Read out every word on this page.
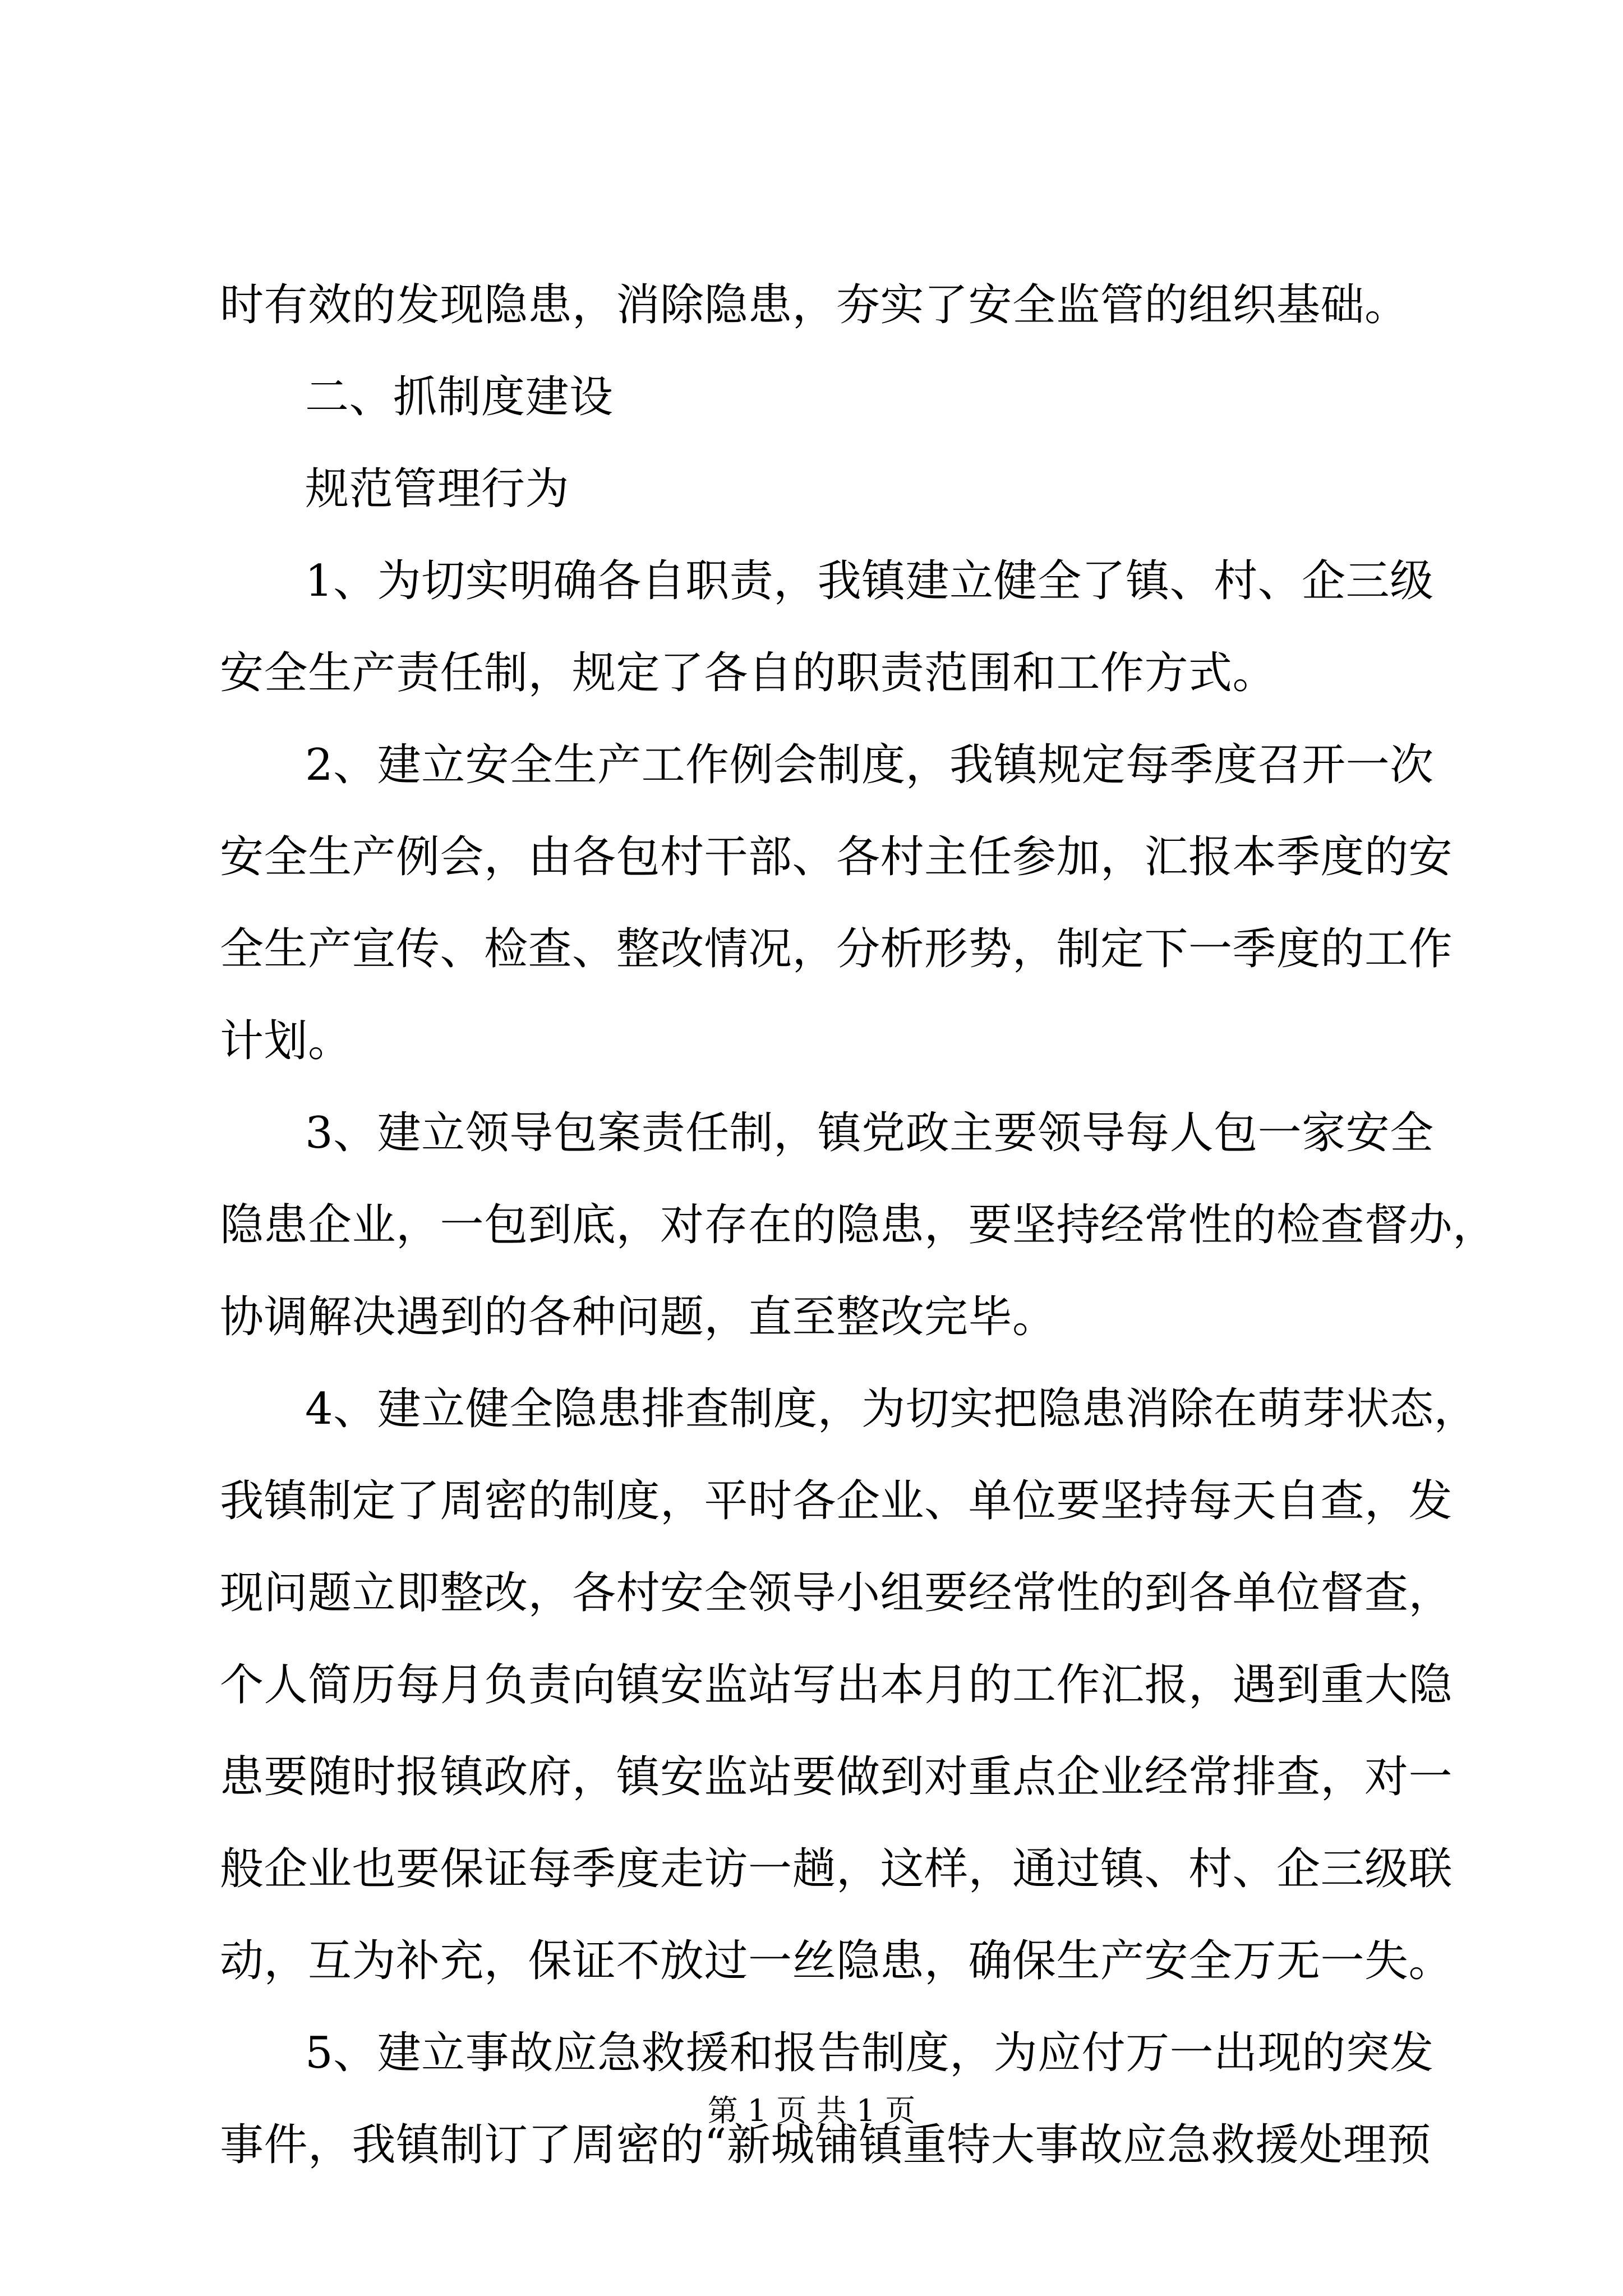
时有效的发现隐患，消除隐患，夯实了安全监管的组织基础。
二、抓制度建设
规范管理行为
1、为切实明确各自职责，我镇建立健全了镇、村、企三级
安全生产责任制，规定了各自的职责范围和工作方式。
2、建立安全生产工作例会制度，我镇规定每季度召开一次
安全生产例会，由各包村干部、各村主任参加，汇报本季度的安
全生产宣传、检查、整改情况，分析形势，制定下一季度的工作
计划。
3、建立领导包案责任制，镇党政主要领导每人包一家安全
隐患企业，一包到底，对存在的隐患，要坚持经常性的检查督办，
协调解决遇到的各种问题，直至整改完毕。
4、建立健全隐患排查制度，为切实把隐患消除在萌芽状态，
我镇制定了周密的制度，平时各企业、单位要坚持每天自查，发
现问题立即整改，各村安全领导小组要经常性的到各单位督查，
个人简历每月负责向镇安监站写出本月的工作汇报，遇到重大隐
患要随时报镇政府，镇安监站要做到对重点企业经常排查，对一
般企业也要保证每季度走访一趟，这样，通过镇、村、企三级联
动，互为补充，保证不放过一丝隐患，确保生产安全万无一失。
5、建立事故应急救援和报告制度，为应付万一出现的突发
事件，我镇制订了周密的“新城铺镇重特大事故应急救援处理预
第 1 页 共 1 页
